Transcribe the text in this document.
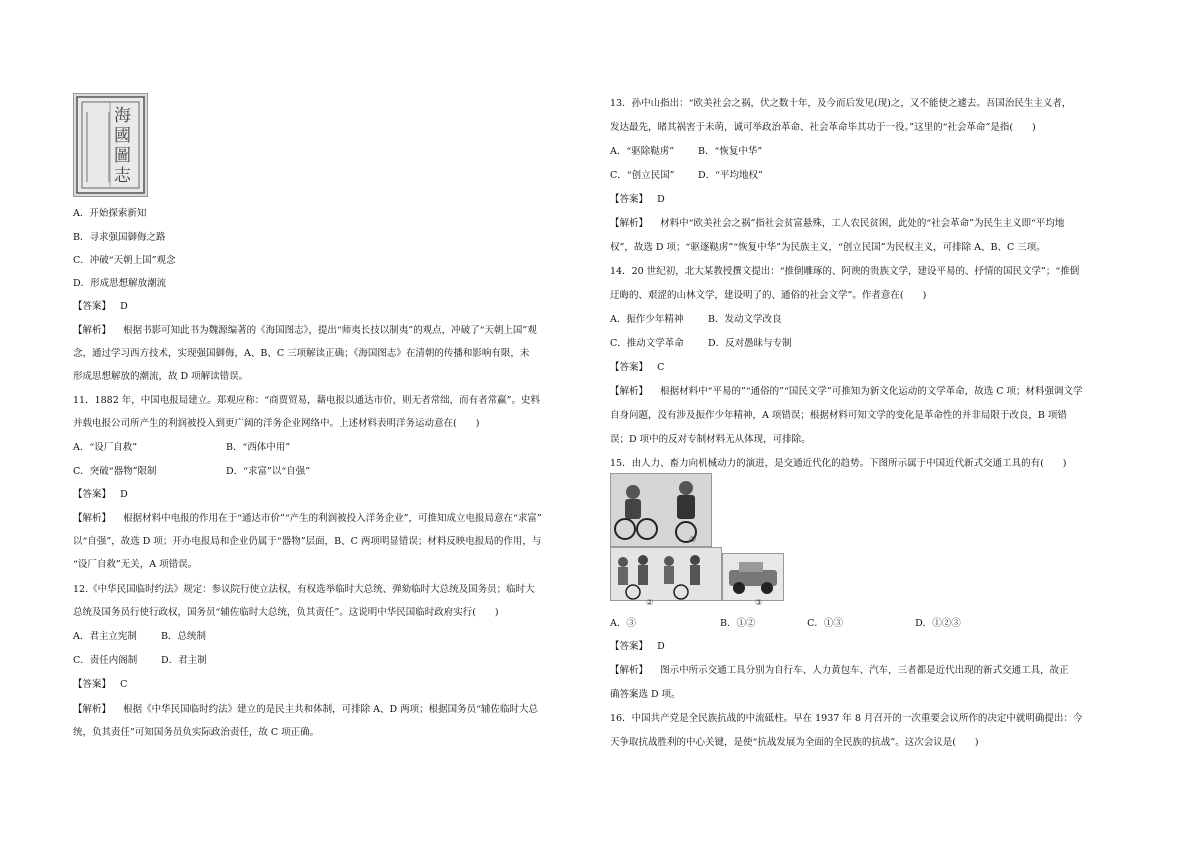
海國圖志
A．开始探索新知
B．寻求强国御侮之路
C．冲破“天朝上国”观念
D．形成思想解放潮流
【答案】 D
【解析】 根据书影可知此书为魏源编著的《海国图志》，提出“师夷长技以制夷”的观点，冲破了“天朝上国”观
念，通过学习西方技术，实现强国御侮，A、B、C 三项解读正确；《海国图志》在清朝的传播和影响有限，未
形成思想解放的潮流，故 D 项解读错误。
11．1882 年，中国电报局建立。郑观应称：“商贾贸易，藉电报以通达市价，则无者常绌，而有者常赢”。史料
并载电报公司所产生的利润被投入到更广阔的洋务企业网络中。上述材料表明洋务运动意在(　　)
A．“设厂自救”	B．“西体中用”
C．突破“器物”限制	D．“求富”以“自强”
【答案】 D
【解析】 根据材料中电报的作用在于“通达市价”“产生的利润被投入洋务企业”，可推知成立电报局意在“求富”
以“自强”，故选 D 项；开办电报局和企业仍属于“器物”层面，B、C 两项明显错误；材料反映电报局的作用，与
“设厂自救”无关，A 项错误。
12.《中华民国临时约法》规定：参议院行使立法权，有权选举临时大总统、弹劾临时大总统及国务员；临时大
总统及国务员行使行政权，国务员“辅佐临时大总统，负其责任”。这说明中华民国临时政府实行(　　)
A．君主立宪制	B．总统制
C．责任内阁制	D．君主制
【答案】 C
【解析】 根据《中华民国临时约法》建立的是民主共和体制，可排除 A、D 两项；根据国务员“辅佐临时大总
统，负其责任”可知国务员负实际政治责任，故 C 项正确。
13．孙中山指出：“欧美社会之祸，伏之数十年，及今而后发见(现)之，又不能使之遽去。吾国治民生主义者，
发达最先，睹其祸害于未萌，诚可举政治革命、社会革命毕其功于一役。”这里的“社会革命”是指(　　)
A．“驱除鞑虏”	B．“恢复中华”
C．“创立民国” D．“平均地权”
【答案】 D
【解析】 材料中“欧美社会之祸”指社会贫富悬殊，工人农民贫困，此处的“社会革命”为民生主义即“平均地
权”，故选 D 项；“驱逐鞑虏”“恢复中华”为民族主义，“创立民国”为民权主义，可排除 A、B、C 三项。
14．20 世纪初，北大某教授撰文提出：“推倒雕琢的、阿谀的贵族文学，建设平易的、抒情的国民文学”；“推倒
迂晦的、艰涩的山林文学，建设明了的、通俗的社会文学”。作者意在(　　)
A．振作少年精神	B．发动文学改良
C．推动文学革命	D．反对愚昧与专制
【答案】 C
【解析】 根据材料中“平易的”“通俗的”“国民文学”可推知为新文化运动的文学革命，故选 C 项；材料强调文学
自身问题，没有涉及振作少年精神，A 项错误；根据材料可知文学的变化是革命性的并非局限于改良，B 项错
误；D 项中的反对专制材料无从体现，可排除。
15．由人力、畜力向机械动力的演进，是交通近代化的趋势。下图所示属于中国近代新式交通工具的有(　　)
①
②	③
A．③	B．①②	C．①③	D．①②③
【答案】 D
【解析】 图示中所示交通工具分别为自行车、人力黄包车、汽车，三者都是近代出现的新式交通工具，故正
确答案选 D 项。
16．中国共产党是全民族抗战的中流砥柱。早在 1937 年 8 月召开的一次重要会议所作的决定中就明确提出：今
天争取抗战胜利的中心关键，是使“抗战发展为全面的全民族的抗战”。这次会议是(　　)
